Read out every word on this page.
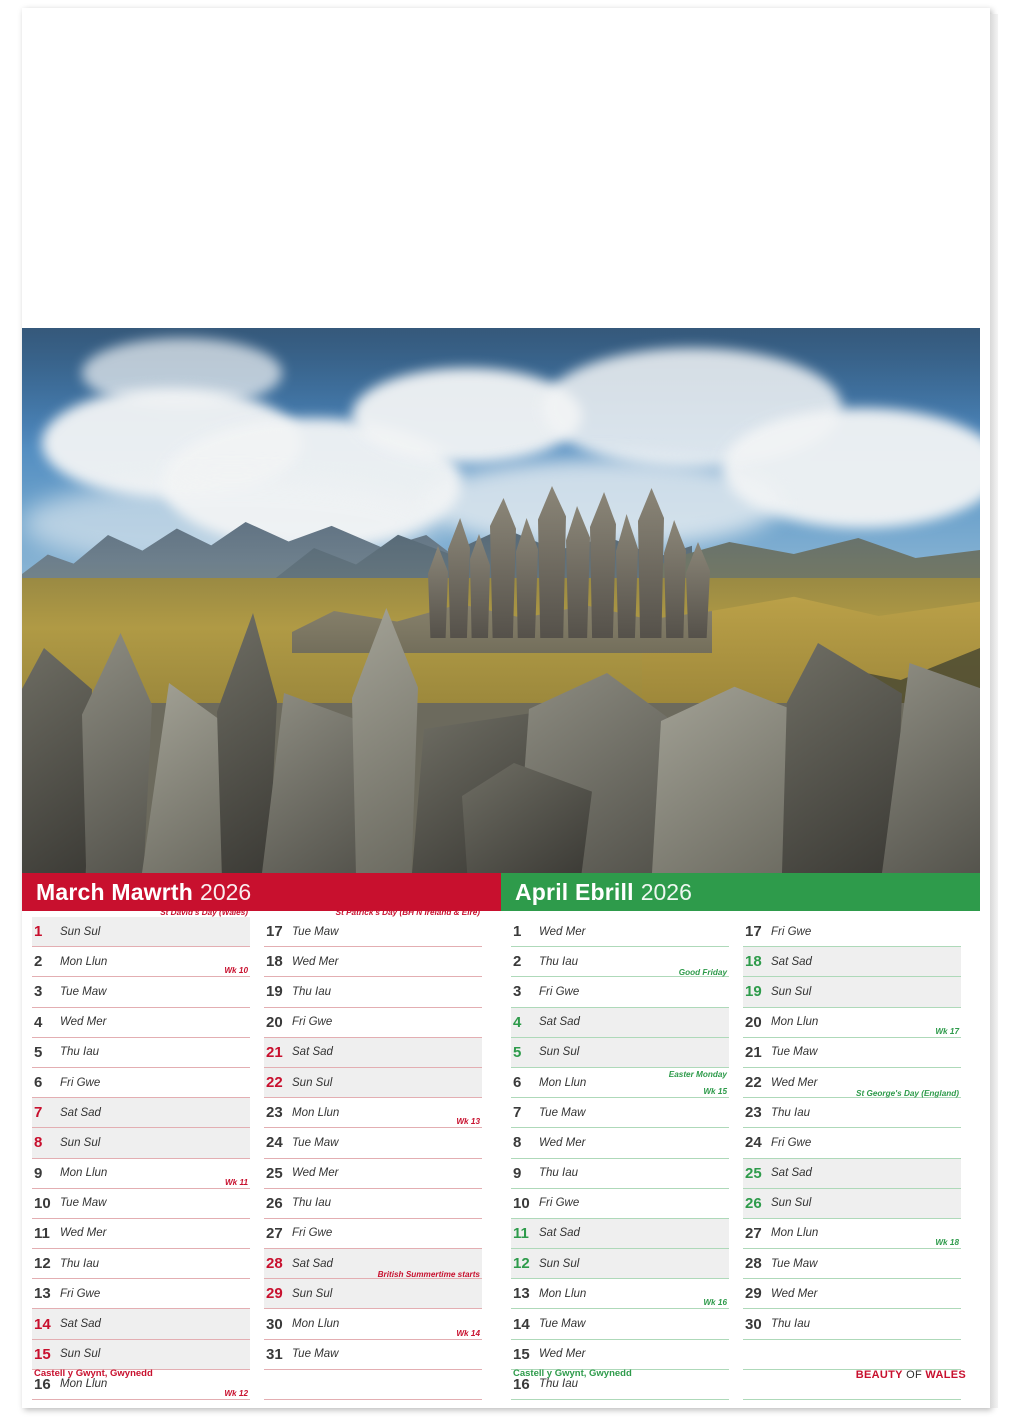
March Mawrth 2026
1	Sun Sul
St David's Day (Wales)
2	Mon Llun
Wk 10
3	Tue Maw
4	Wed Mer
5	Thu Iau
6	Fri Gwe
7	Sat Sad
8	Sun Sul
9	Mon Llun
Wk 11
10 Tue Maw
11 Wed Mer
12 Thu Iau
13 Fri Gwe
14 Sat Sad
15 Sun Sul
16 Mon Llun
Wk 12
17 Tue Maw
St Patrick's Day (BH N Ireland & Eire)
18 Wed Mer
19 Thu Iau
20 Fri Gwe
21 Sat Sad
22 Sun Sul
23 Mon Llun
Wk 13
24 Tue Maw
25 Wed Mer
26 Thu Iau
27 Fri Gwe
28 Sat Sad
29 Sun Sul
British Summertime starts
30 Mon Llun
Wk 14
31 Tue Maw
Castell y Gwynt, Gwynedd
April Ebrill 2026
1	Wed Mer
2	Thu Iau
3	Fri Gwe
Good Friday
4	Sat Sad
5	Sun Sul
6	Mon Llun
Easter Monday
Wk 15
7	Tue Maw
8	Wed Mer
9	Thu Iau
10 Fri Gwe
11 Sat Sad
12 Sun Sul
13 Mon Llun
Wk 16
14 Tue Maw
15 Wed Mer
16 Thu Iau
17 Fri Gwe
18 Sat Sad
19 Sun Sul
20 Mon Llun
Wk 17
21 Tue Maw
22 Wed Mer
23 Thu Iau
St George's Day (England)
24 Fri Gwe
25 Sat Sad
26 Sun Sul
27 Mon Llun
Wk 18
28 Tue Maw
29 Wed Mer
30 Thu Iau
Castell y Gwynt, Gwynedd	BEAUTY OF WALES
